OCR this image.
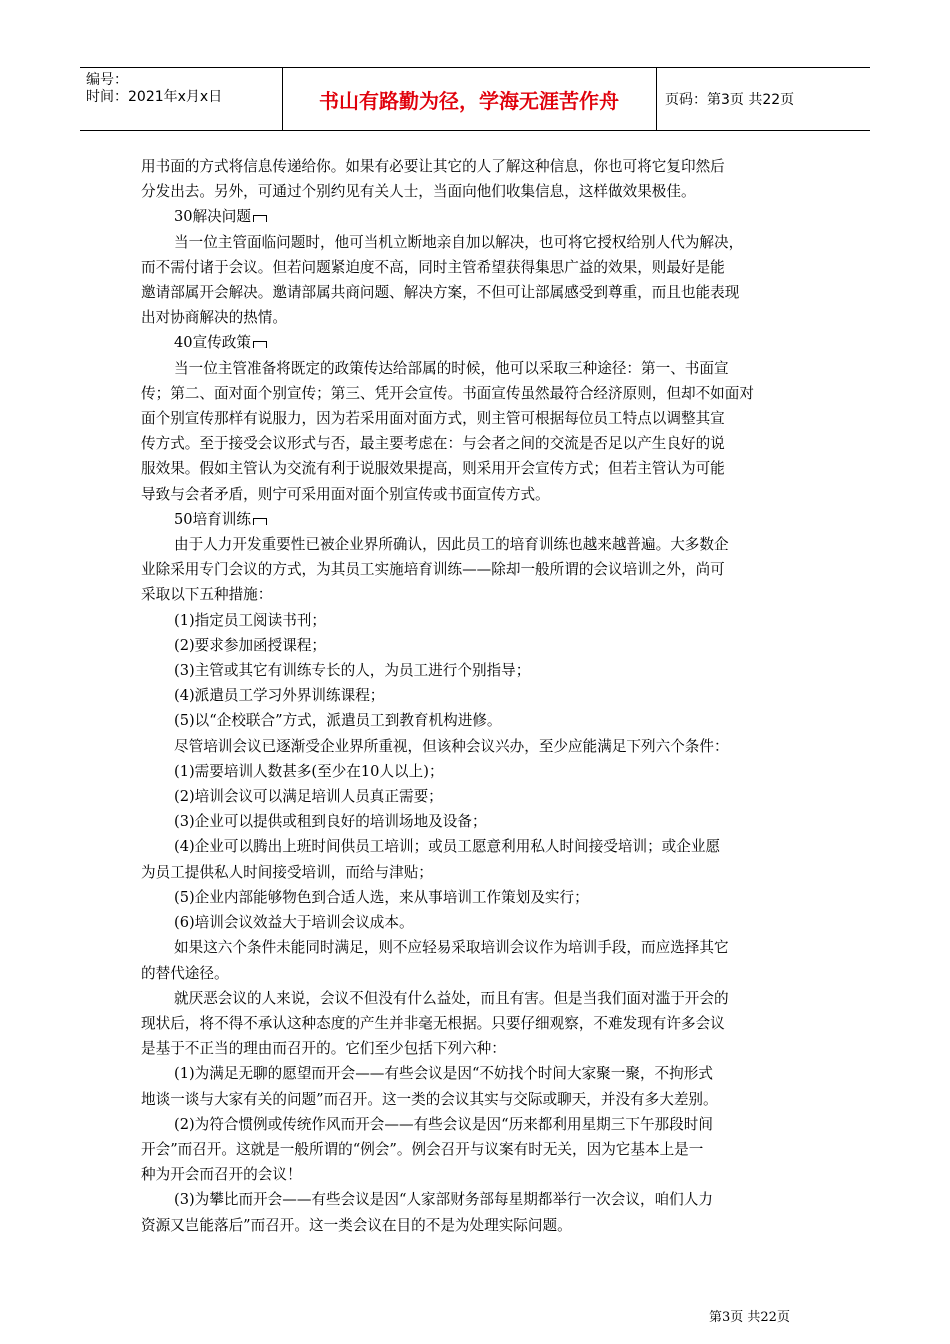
编号：
时间：2021年x月x日	书山有路勤为径，学海无涯苦作舟	页码：第3页 共22页

用书面的方式将信息传递给你。如果有必要让其它的人了解这种信息，你也可将它复印然后

分发出去。另外，可通过个别约见有关人士，当面向他们收集信息，这样做效果极佳。

30解决问题

当一位主管面临问题时，他可当机立断地亲自加以解决，也可将它授权给别人代为解决，

而不需付诸于会议。但若问题紧迫度不高，同时主管希望获得集思广益的效果，则最好是能

邀请部属开会解决。邀请部属共商问题、解决方案，不但可让部属感受到尊重，而且也能表现

出对协商解决的热情。

40宣传政策

当一位主管准备将既定的政策传达给部属的时候，他可以采取三种途径：第一、书面宣

传；第二、面对面个别宣传；第三、凭开会宣传。书面宣传虽然最符合经济原则，但却不如面对

面个别宣传那样有说服力，因为若采用面对面方式，则主管可根据每位员工特点以调整其宣

传方式。至于接受会议形式与否，最主要考虑在：与会者之间的交流是否足以产生良好的说

服效果。假如主管认为交流有利于说服效果提高，则采用开会宣传方式；但若主管认为可能

导致与会者矛盾，则宁可采用面对面个别宣传或书面宣传方式。

50培育训练

由于人力开发重要性已被企业界所确认，因此员工的培育训练也越来越普遍。大多数企

业除采用专门会议的方式，为其员工实施培育训练——除却一般所谓的会议培训之外，尚可

采取以下五种措施：

(1)指定员工阅读书刊；

(2)要求参加函授课程；

(3)主管或其它有训练专长的人，为员工进行个别指导；

(4)派遣员工学习外界训练课程；

(5)以“企校联合”方式，派遣员工到教育机构进修。

尽管培训会议已逐渐受企业界所重视，但该种会议兴办，至少应能满足下列六个条件：

(1)需要培训人数甚多(至少在10人以上)；

(2)培训会议可以满足培训人员真正需要；

(3)企业可以提供或租到良好的培训场地及设备；

(4)企业可以腾出上班时间供员工培训；或员工愿意利用私人时间接受培训；或企业愿

为员工提供私人时间接受培训，而给与津贴；

(5)企业内部能够物色到合适人选，来从事培训工作策划及实行；

(6)培训会议效益大于培训会议成本。

如果这六个条件未能同时满足，则不应轻易采取培训会议作为培训手段，而应选择其它

的替代途径。

就厌恶会议的人来说，会议不但没有什么益处，而且有害。但是当我们面对滥于开会的

现状后，将不得不承认这种态度的产生并非毫无根据。只要仔细观察，不难发现有许多会议

是基于不正当的理由而召开的。它们至少包括下列六种：

(1)为满足无聊的愿望而开会——有些会议是因“不妨找个时间大家聚一聚，不拘形式

地谈一谈与大家有关的问题”而召开。这一类的会议其实与交际或聊天，并没有多大差别。

(2)为符合惯例或传统作风而开会——有些会议是因“历来都利用星期三下午那段时间

开会”而召开。这就是一般所谓的“例会”。例会召开与议案有时无关，因为它基本上是一

种为开会而召开的会议！

(3)为攀比而开会——有些会议是因“人家部财务部每星期都举行一次会议，咱们人力

资源又岂能落后”而召开。这一类会议在目的不是为处理实际问题。

第3页 共22页
